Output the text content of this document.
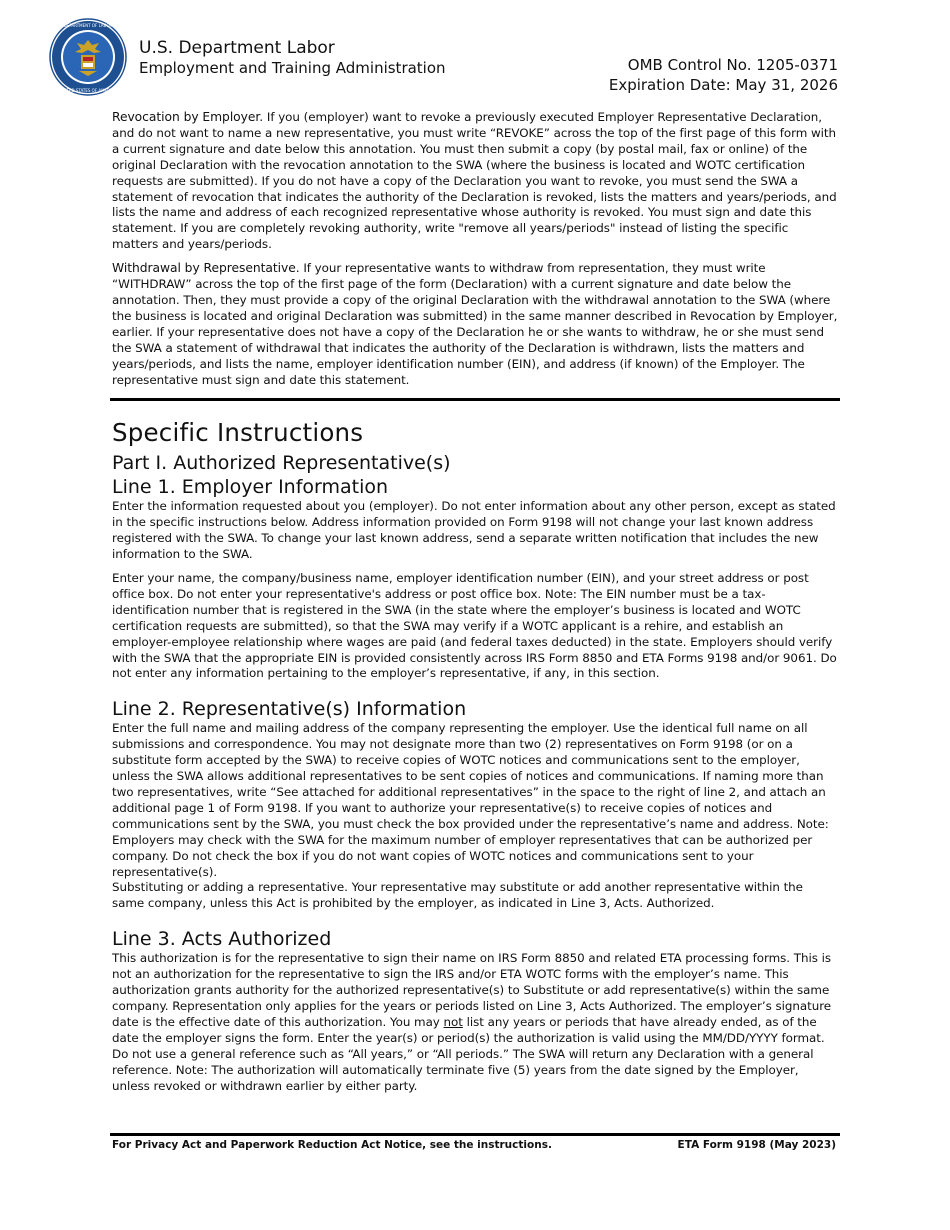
DEPARTMENT OF LABOR
UNITED STATES OF AMERICA
U.S. Department Labor
Employment and Training Administration	OMB Control No. 1205-0371
Expiration Date: May 31, 2026

Revocation by Employer. If you (employer) want to revoke a previously executed Employer Representative Declaration, and do not want to name a new representative, you must write “REVOKE” across the top of the first page of this form with a current signature and date below this annotation. You must then submit a copy (by postal mail, fax or online) of the original Declaration with the revocation annotation to the SWA (where the business is located and WOTC certification requests are submitted). If you do not have a copy of the Declaration you want to revoke, you must send the SWA a statement of revocation that indicates the authority of the Declaration is revoked, lists the matters and years/periods, and lists the name and address of each recognized representative whose authority is revoked. You must sign and date this statement. If you are completely revoking authority, write "remove all years/periods" instead of listing the specific matters and years/periods.

Withdrawal by Representative. If your representative wants to withdraw from representation, they must write “WITHDRAW” across the top of the first page of the form (Declaration) with a current signature and date below the annotation. Then, they must provide a copy of the original Declaration with the withdrawal annotation to the SWA (where the business is located and original Declaration was submitted) in the same manner described in Revocation by Employer, earlier. If your representative does not have a copy of the Declaration he or she wants to withdraw, he or she must send the SWA a statement of withdrawal that indicates the authority of the Declaration is withdrawn, lists the matters and years/periods, and lists the name, employer identification number (EIN), and address (if known) of the Employer. The representative must sign and date this statement.

Specific Instructions
Part I. Authorized Representative(s)
Line 1. Employer Information

Enter the information requested about you (employer). Do not enter information about any other person, except as stated in the specific instructions below. Address information provided on Form 9198 will not change your last known address registered with the SWA. To change your last known address, send a separate written notification that includes the new information to the SWA.

Enter your name, the company/business name, employer identification number (EIN), and your street address or post office box. Do not enter your representative's address or post office box. Note: The EIN number must be a tax-identification number that is registered in the SWA (in the state where the employer’s business is located and WOTC certification requests are submitted), so that the SWA may verify if a WOTC applicant is a rehire, and establish an employer-employee relationship where wages are paid (and federal taxes deducted) in the state. Employers should verify with the SWA that the appropriate EIN is provided consistently across IRS Form 8850 and ETA Forms 9198 and/or 9061. Do not enter any information pertaining to the employer’s representative, if any, in this section.

Line 2. Representative(s) Information

Enter the full name and mailing address of the company representing the employer. Use the identical full name on all submissions and correspondence. You may not designate more than two (2) representatives on Form 9198 (or on a substitute form accepted by the SWA) to receive copies of WOTC notices and communications sent to the employer, unless the SWA allows additional representatives to be sent copies of notices and communications. If naming more than two representatives, write “See attached for additional representatives” in the space to the right of line 2, and attach an additional page 1 of Form 9198. If you want to authorize your representative(s) to receive copies of notices and communications sent by the SWA, you must check the box provided under the representative’s name and address. Note: Employers may check with the SWA for the maximum number of employer representatives that can be authorized per company. Do not check the box if you do not want copies of WOTC notices and communications sent to your representative(s).

Substituting or adding a representative. Your representative may substitute or add another representative within the same company, unless this Act is prohibited by the employer, as indicated in Line 3, Acts. Authorized.

Line 3. Acts Authorized

This authorization is for the representative to sign their name on IRS Form 8850 and related ETA processing forms. This is not an authorization for the representative to sign the IRS and/or ETA WOTC forms with the employer’s name. This authorization grants authority for the authorized representative(s) to Substitute or add representative(s) within the same company. Representation only applies for the years or periods listed on Line 3, Acts Authorized. The employer’s signature date is the effective date of this authorization. You may not list any years or periods that have already ended, as of the date the employer signs the form. Enter the year(s) or period(s) the authorization is valid using the MM/DD/YYYY format. Do not use a general reference such as “All years,” or “All periods.” The SWA will return any Declaration with a general reference. Note: The authorization will automatically terminate five (5) years from the date signed by the Employer, unless revoked or withdrawn earlier by either party.

For Privacy Act and Paperwork Reduction Act Notice, see the instructions.	ETA Form 9198 (May 2023)
